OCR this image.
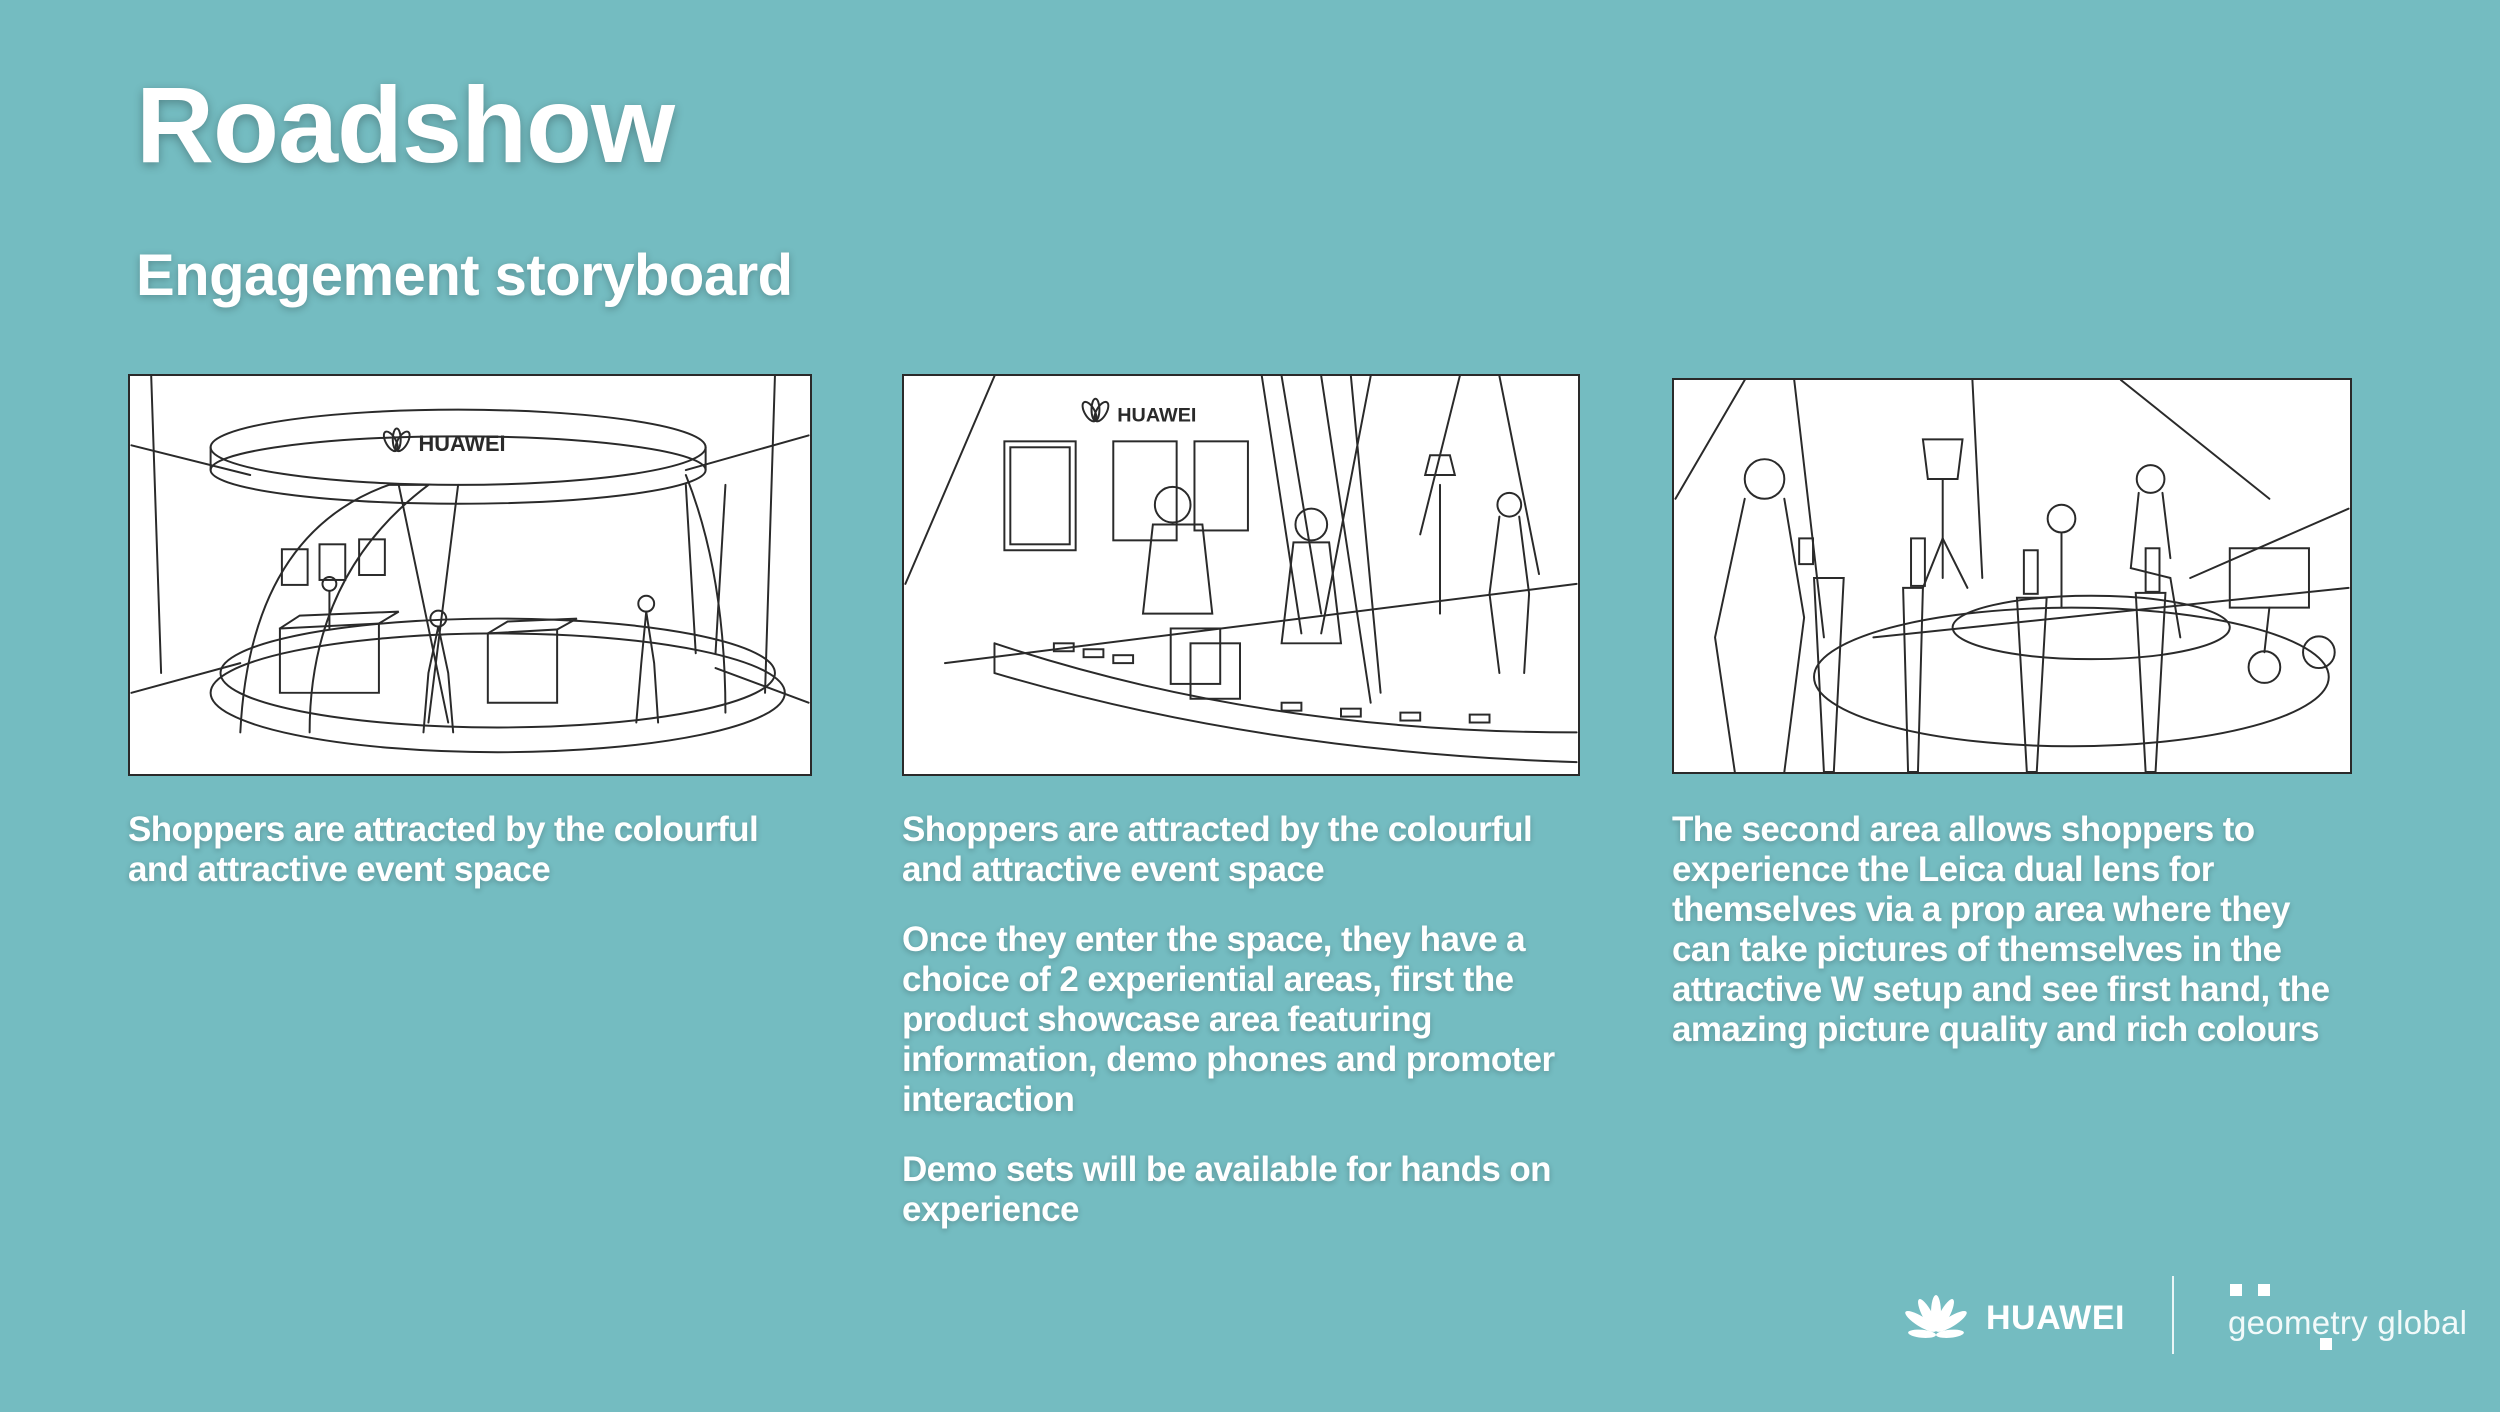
Roadshow
Engagement storyboard
HUAWEI
HUAWEI

Shoppers are attracted by the colourful and attractive event space

Shoppers are attracted by the colourful and attractive event space

Once they enter the space, they have a choice of 2 experiential areas, first the product showcase area featuring information, demo phones and promoter interaction

Demo sets will be available for hands on experience

The second area allows shoppers to experience the Leica dual lens for themselves via a prop area where they can take pictures of themselves in the attractive W setup and see first hand, the amazing picture quality and rich colours

HUAWEI	geometry global
